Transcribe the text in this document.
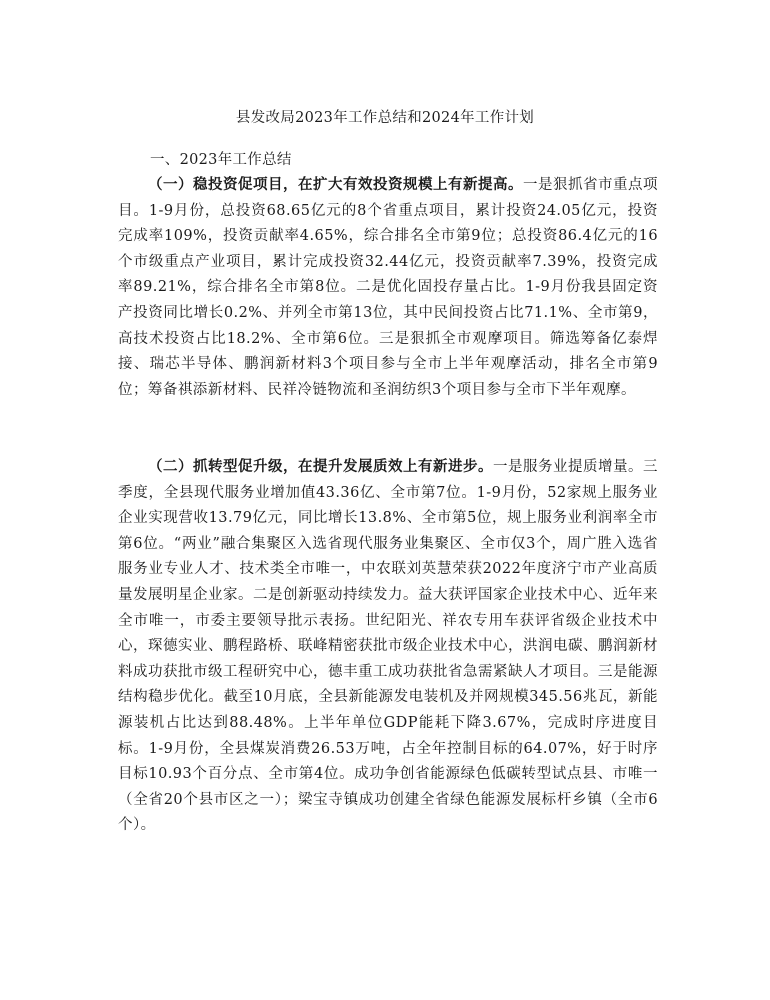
县发改局2023年工作总结和2024年工作计划
一、2023年工作总结
  （一）稳投资促项目，在扩大有效投资规模上有新提高。一是狠抓省市重点项目。1-9月份，总投资68.65亿元的8个省重点项目，累计投资24.05亿元，投资完成率109%，投资贡献率4.65%，综合排名全市第9位；总投资86.4亿元的16个市级重点产业项目，累计完成投资32.44亿元，投资贡献率7.39%，投资完成率89.21%，综合排名全市第8位。二是优化固投存量占比。1-9月份我县固定资产投资同比增长0.2%、并列全市第13位，其中民间投资占比71.1%、全市第9，高技术投资占比18.2%、全市第6位。三是狠抓全市观摩项目。筛选筹备亿泰焊接、瑞芯半导体、鹏润新材料3个项目参与全市上半年观摩活动，排名全市第9位；筹备祺添新材料、民祥冷链物流和圣润纺织3个项目参与全市下半年观摩。
  （二）抓转型促升级，在提升发展质效上有新进步。一是服务业提质增量。三季度，全县现代服务业增加值43.36亿、全市第7位。1-9月份，52家规上服务业企业实现营收13.79亿元，同比增长13.8%、全市第5位，规上服务业利润率全市第6位。“两业”融合集聚区入选省现代服务业集聚区、全市仅3个，周广胜入选省服务业专业人才、技术类全市唯一，中农联刘英慧荣获2022年度济宁市产业高质量发展明星企业家。二是创新驱动持续发力。益大获评国家企业技术中心、近年来全市唯一，市委主要领导批示表扬。世纪阳光、祥农专用车获评省级企业技术中心，琛德实业、鹏程路桥、联峰精密获批市级企业技术中心，洪润电碳、鹏润新材料成功获批市级工程研究中心，德丰重工成功获批省急需紧缺人才项目。三是能源结构稳步优化。截至10月底，全县新能源发电装机及并网规模345.56兆瓦，新能源装机占比达到88.48%。上半年单位GDP能耗下降3.67%，完成时序进度目标。1-9月份，全县煤炭消费26.53万吨，占全年控制目标的64.07%，好于时序目标10.93个百分点、全市第4位。成功争创省能源绿色低碳转型试点县、市唯一（全省20个县市区之一）；梁宝寺镇成功创建全省绿色能源发展标杆乡镇（全市6个）。
